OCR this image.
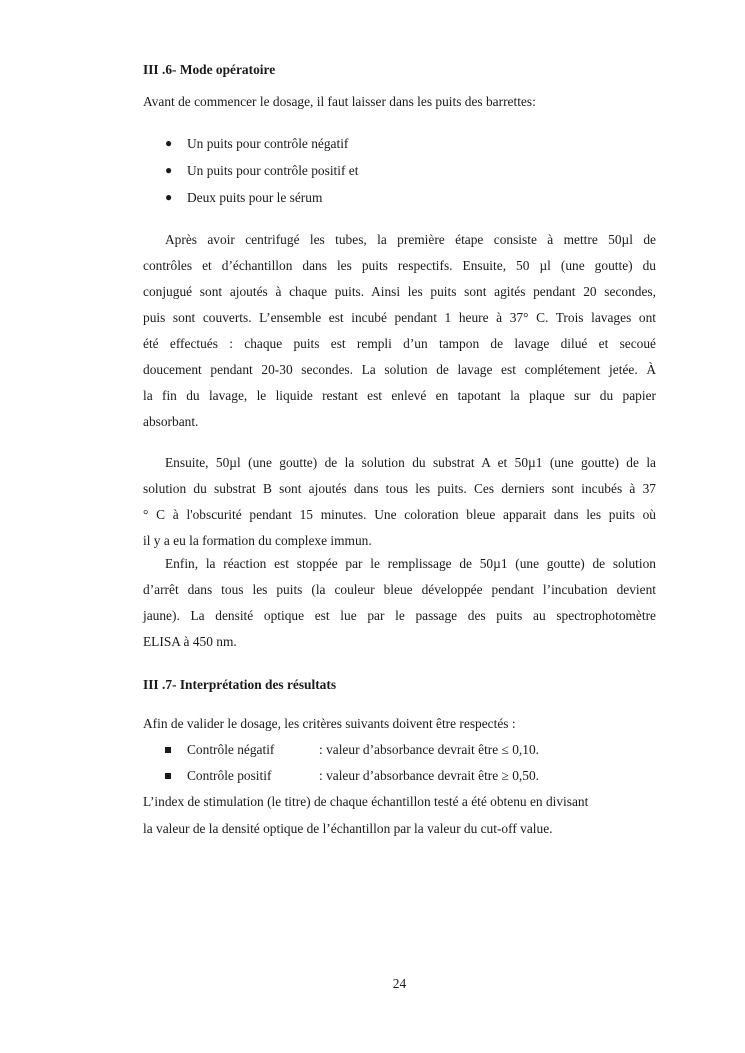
III .6- Mode opératoire
Avant de commencer le dosage, il faut laisser dans les puits des barrettes:
● Un puits pour contrôle négatif
● Un puits pour contrôle positif et
● Deux puits pour le sérum
Après avoir centrifugé les tubes, la première étape consiste à mettre 50µl de
contrôles et d’échantillon dans les puits respectifs. Ensuite, 50 µl (une goutte) du
conjugué sont ajoutés à chaque puits. Ainsi les puits sont agités pendant 20 secondes,
puis sont couverts. L’ensemble est incubé pendant 1 heure à 37° C. Trois lavages ont
été effectués : chaque puits est rempli d’un tampon de lavage dilué et secoué
doucement pendant 20-30 secondes. La solution de lavage est complétement jetée. À
la fin du lavage, le liquide restant est enlevé en tapotant la plaque sur du papier
absorbant.
Ensuite, 50µl (une goutte) de la solution du substrat A et 50µ1 (une goutte) de la
solution du substrat B sont ajoutés dans tous les puits. Ces derniers sont incubés à 37
° C à l'obscurité pendant 15 minutes. Une coloration bleue apparait dans les puits où
il y a eu la formation du complexe immun.
Enfin, la réaction est stoppée par le remplissage de 50µ1 (une goutte) de solution
d’arrêt dans tous les puits (la couleur bleue développée pendant l’incubation devient
jaune). La densité optique est lue par le passage des puits au spectrophotomètre
ELISA à 450 nm.
III .7- Interprétation des résultats
Afin de valider le dosage, les critères suivants doivent être respectés :
Contrôle négatif	: valeur d’absorbance devrait être ≤ 0,10.
Contrôle positif	: valeur d’absorbance devrait être ≥ 0,50.
L’index de stimulation (le titre) de chaque échantillon testé a été obtenu en divisant
la valeur de la densité optique de l’échantillon par la valeur du cut-off value.
24
